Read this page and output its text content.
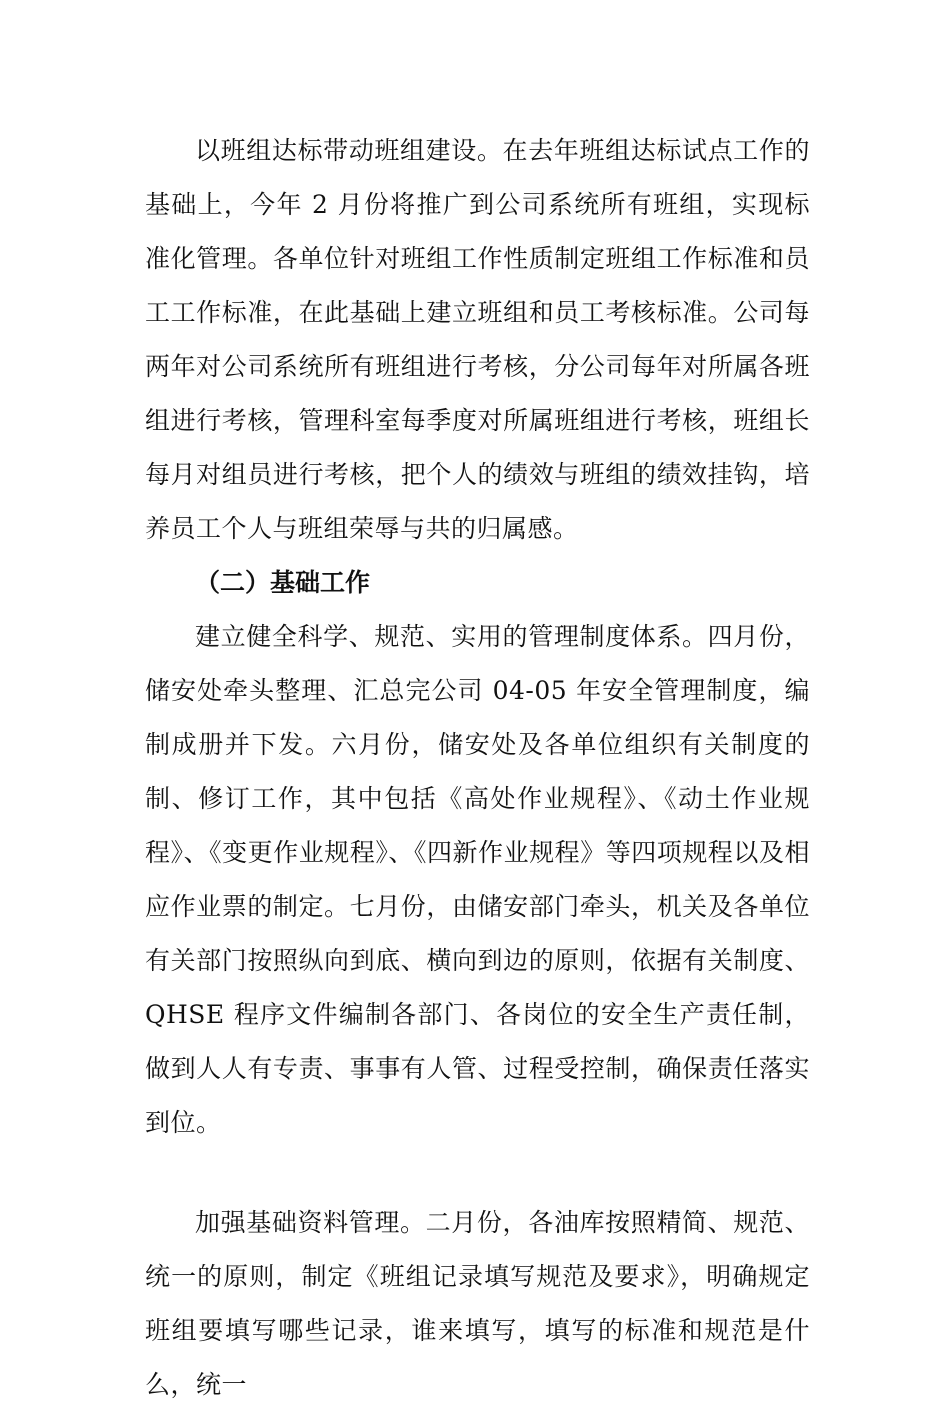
以班组达标带动班组建设。在去年班组达标试点工作的基础上，今年 2 月份将推广到公司系统所有班组，实现标准化管理。各单位针对班组工作性质制定班组工作标准和员工工作标准，在此基础上建立班组和员工考核标准。公司每两年对公司系统所有班组进行考核，分公司每年对所属各班组进行考核，管理科室每季度对所属班组进行考核，班组长每月对组员进行考核，把个人的绩效与班组的绩效挂钩，培养员工个人与班组荣辱与共的归属感。

（二）基础工作

建立健全科学、规范、实用的管理制度体系。四月份，储安处牵头整理、汇总完公司 04-05 年安全管理制度，编制成册并下发。六月份，储安处及各单位组织有关制度的制、修订工作，其中包括《高处作业规程》、《动土作业规程》、《变更作业规程》、《四新作业规程》等四项规程以及相应作业票的制定。七月份，由储安部门牵头，机关及各单位有关部门按照纵向到底、横向到边的原则，依据有关制度、QHSE 程序文件编制各部门、各岗位的安全生产责任制，做到人人有专责、事事有人管、过程受控制，确保责任落实到位。

加强基础资料管理。二月份，各油库按照精简、规范、统一的原则，制定《班组记录填写规范及要求》，明确规定班组要填写哪些记录，谁来填写，填写的标准和规范是什么，统一
